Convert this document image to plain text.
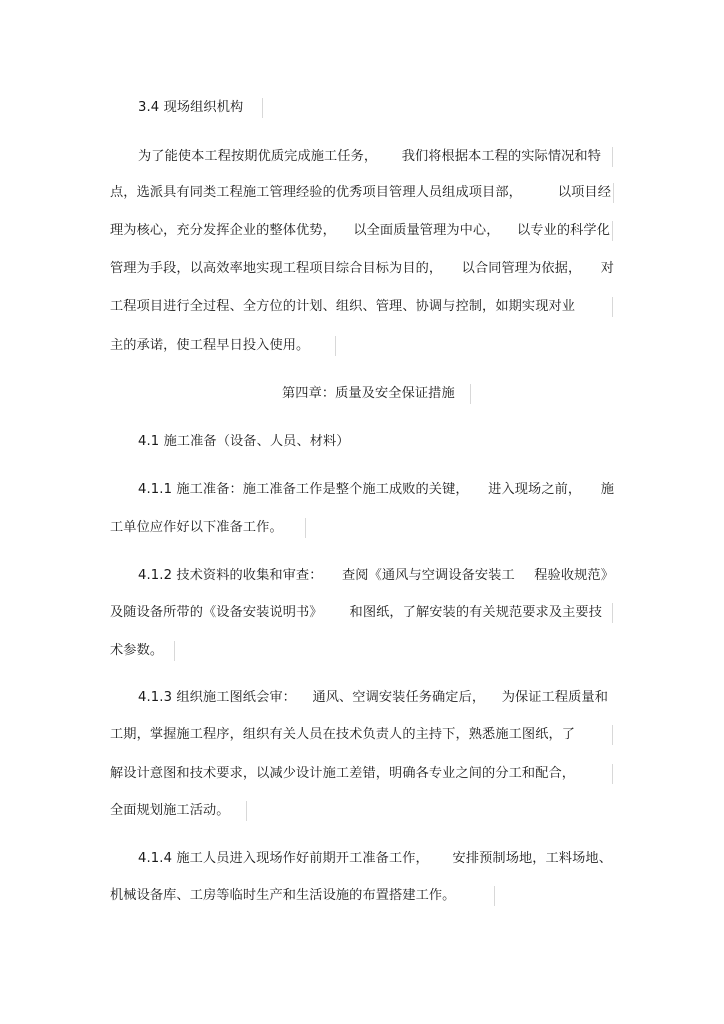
3.4 现场组织机构
为了能使本工程按期优质完成施工任务， 我们将根据本工程的实际情况和特
点，选派具有同类工程施工管理经验的优秀项目管理人员组成项目部，	以项目经
理为核心，充分发挥企业的整体优势， 以全面质量管理为中心， 以专业的科学化
管理为手段，以高效率地实现工程项目综合目标为目的， 以合同管理为依据， 对
工程项目进行全过程、全方位的计划、组织、管理、协调与控制，如期实现对业
主的承诺，使工程早日投入使用。
第四章：质量及安全保证措施
4.1 施工准备（设备、人员、材料）
4.1.1 施工准备：施工准备工作是整个施工成败的关键， 进入现场之前， 施
工单位应作好以下准备工作。
4.1.2 技术资料的收集和审查： 查阅《通风与空调设备安装工 程验收规范》
及随设备所带的《设备安装说明书》 和图纸，了解安装的有关规范要求及主要技
术参数。
4.1.3 组织施工图纸会审： 通风、空调安装任务确定后， 为保证工程质量和
工期，掌握施工程序，组织有关人员在技术负责人的主持下，熟悉施工图纸，了
解设计意图和技术要求，以减少设计施工差错，明确各专业之间的分工和配合，
全面规划施工活动。
4.1.4 施工人员进入现场作好前期开工准备工作， 安排预制场地，工料场地、
机械设备库、工房等临时生产和生活设施的布置搭建工作。
